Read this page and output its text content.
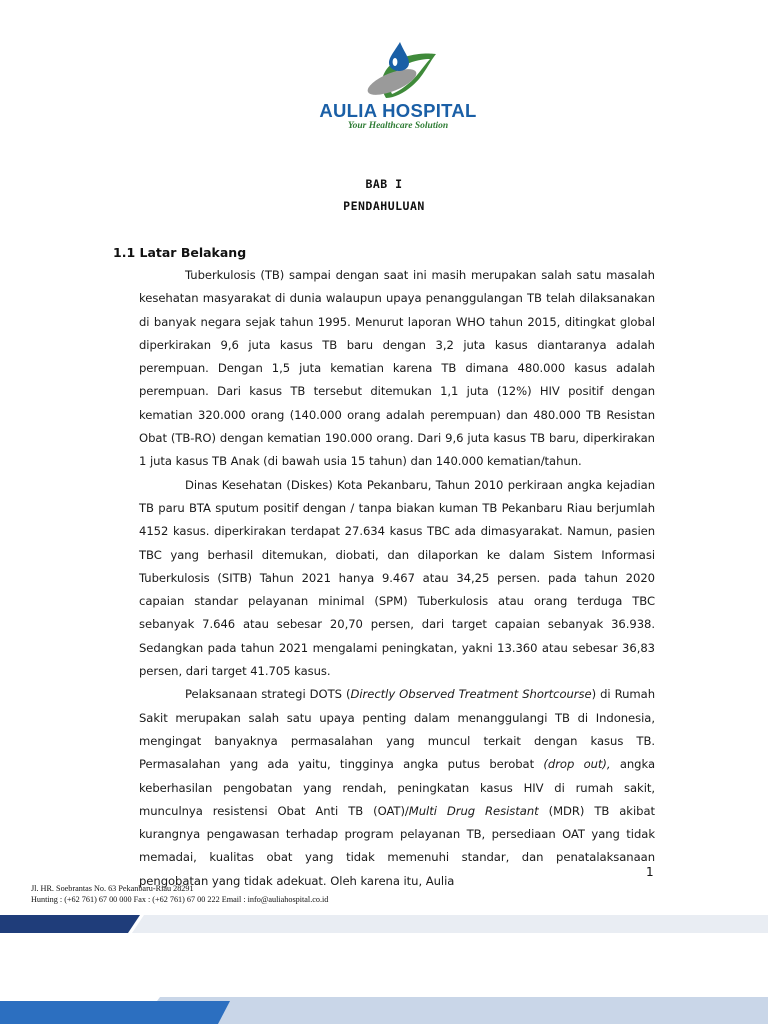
AULIA HOSPITAL
Your Healthcare Solution
BAB I
PENDAHULUAN
1.1 Latar Belakang

Tuberkulosis (TB) sampai dengan saat ini masih merupakan salah satu masalah kesehatan masyarakat di dunia walaupun upaya penanggulangan TB telah dilaksanakan di banyak negara sejak tahun 1995. Menurut laporan WHO tahun 2015, ditingkat global diperkirakan 9,6 juta kasus TB baru dengan 3,2 juta kasus diantaranya adalah perempuan. Dengan 1,5 juta kematian karena TB dimana 480.000 kasus adalah perempuan. Dari kasus TB tersebut ditemukan 1,1 juta (12%) HIV positif dengan kematian 320.000 orang (140.000 orang adalah perempuan) dan 480.000 TB Resistan Obat (TB-RO) dengan kematian 190.000 orang. Dari 9,6 juta kasus TB baru, diperkirakan 1 juta kasus TB Anak (di bawah usia 15 tahun) dan 140.000 kematian/tahun.

Dinas Kesehatan (Diskes) Kota Pekanbaru, Tahun 2010 perkiraan angka kejadian TB paru BTA sputum positif dengan / tanpa biakan kuman TB Pekanbaru Riau berjumlah 4152 kasus. diperkirakan terdapat 27.634 kasus TBC ada dimasyarakat. Namun, pasien TBC yang berhasil ditemukan, diobati, dan dilaporkan ke dalam Sistem Informasi Tuberkulosis (SITB) Tahun 2021 hanya 9.467 atau 34,25 persen. pada tahun 2020 capaian standar pelayanan minimal (SPM) Tuberkulosis atau orang terduga TBC sebanyak 7.646 atau sebesar 20,70 persen, dari target capaian sebanyak 36.938. Sedangkan pada tahun 2021 mengalami peningkatan, yakni 13.360 atau sebesar 36,83 persen, dari target 41.705 kasus.

Pelaksanaan strategi DOTS (Directly Observed Treatment Shortcourse) di Rumah Sakit merupakan salah satu upaya penting dalam menanggulangi TB di Indonesia, mengingat banyaknya permasalahan yang muncul terkait dengan kasus TB. Permasalahan yang ada yaitu, tingginya angka putus berobat (drop out), angka keberhasilan pengobatan yang rendah, peningkatan kasus HIV di rumah sakit, munculnya resistensi Obat Anti TB (OAT)/Multi Drug Resistant (MDR) TB akibat kurangnya pengawasan terhadap program pelayanan TB, persediaan OAT yang tidak memadai, kualitas obat yang tidak memenuhi standar, dan penatalaksanaan pengobatan yang tidak adekuat. Oleh karena itu, Aulia

1
Jl. HR. Soebrantas No. 63 Pekanbaru-Riau 28291
Hunting : (+62 761) 67 00 000 Fax : (+62 761) 67 00 222 Email : info@auliahospital.co.id
